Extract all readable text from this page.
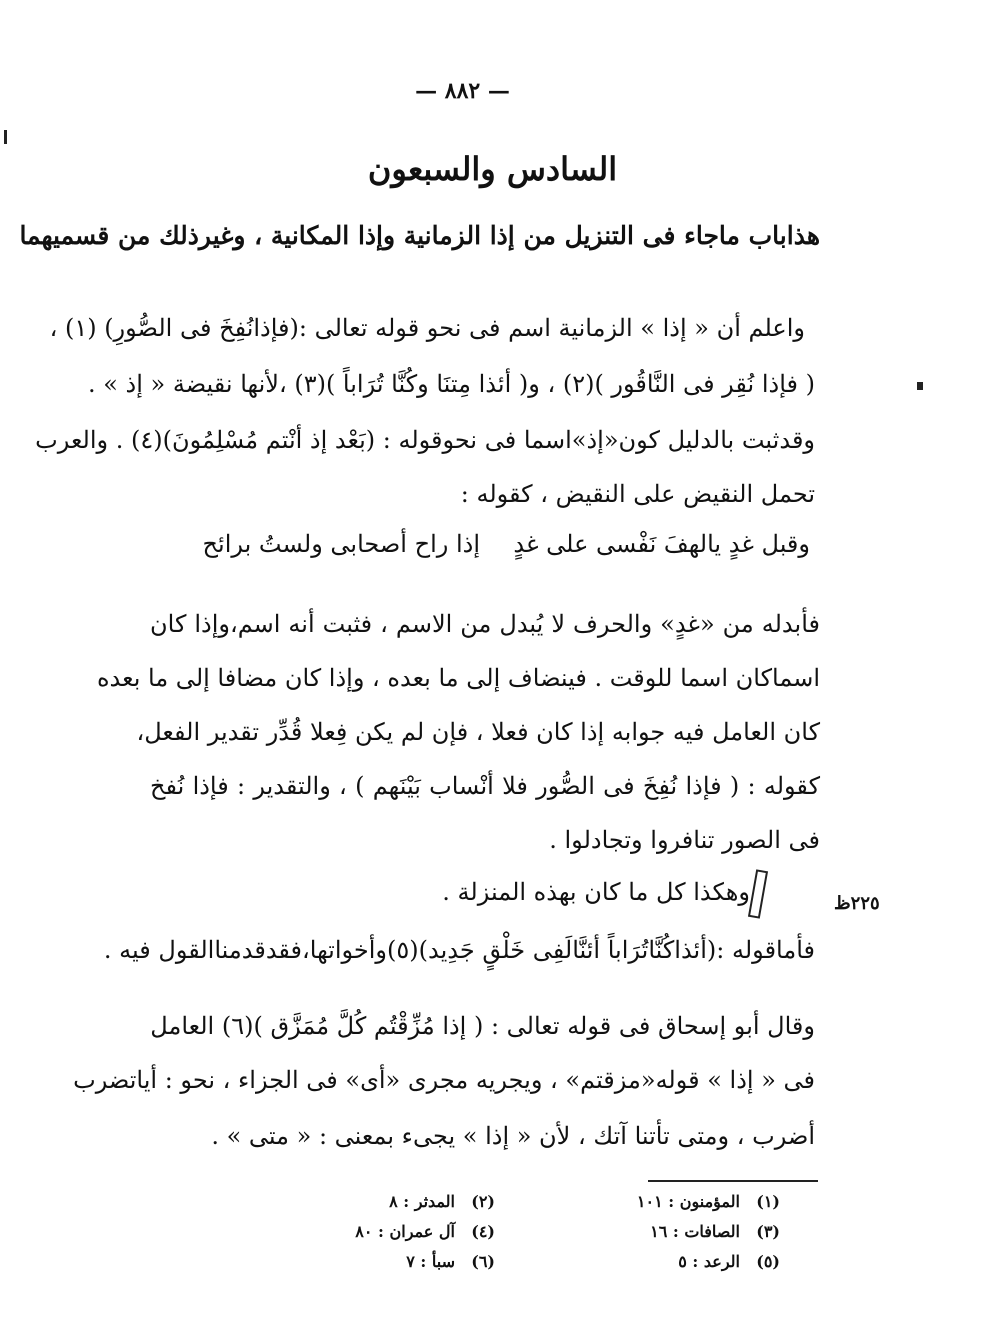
— ٨٨٢ —
السادس والسبعون
هذاباب ماجاء فى التنزيل من إذا الزمانية وإذا المكانية ، وغيرذلك من قسميهما
واعلم أن « إذا » الزمانية اسم فى نحو قوله تعالى :(فإذانُفِخَ فى الصُّورِ) (١) ،
( فإذا نُقِر فى النَّاقُور )(٢) ، و( أئذا مِتنَا وكُنَّا تُرَاباً )(٣) ،لأنها نقيضة « إذ » .
وقدثبت بالدليل كون«إذ»اسما فى نحوقوله : (بَعْد إذ أنْتم مُسْلِمُونَ)(٤) . والعرب
تحمل النقيض على النقيض ، كقوله :
وقبل غدٍ يالهفَ نَفْسى على غدٍ
إذا راح أصحابى ولستُ برائح
فأبدله من «غدٍ» والحرف لا يُبدل من الاسم ، فثبت أنه اسم،وإذا كان
اسماكان اسما للوقت . فينضاف إلى ما بعده ، وإذا كان مضافا إلى ما بعده
كان العامل فيه جوابه إذا كان فعلا ، فإن لم يكن فِعلا قُدِّر تقدير الفعل،
كقوله : ( فإذا نُفِخَ فى الصُّور فلا أنْساب بَيْنَهم ) ، والتقدير : فإذا نُفخ
فى الصور تنافروا وتجادلوا .
وهكذا كل ما كان بهذه المنزلة .	٢٢٥ظ
فأماقوله :(أئذاكُنَّاتُرَاباً أئنَّالَفِى خَلْقٍ جَدِيد)(٥)وأخواتها،فقدقدمناالقول فيه .
وقال أبو إسحاق فى قوله تعالى : ( إذا مُزِّقْتُم كُلَّ مُمَزَّق )(٦) العامل
فى « إذا » قوله«مزقتم» ، ويجريه مجرى «أى» فى الجزاء ، نحو : أياتضرب
أضرب ، ومتى تأتنا آتك ، لأن « إذا » يجىء بمعنى : « متى » .
(١)المؤمنون : ١٠١
(٣)الصافات : ١٦
(٥)الرعد : ٥
(٢)المدثر : ٨
(٤)آل عمران : ٨٠
(٦)سبأ : ٧
